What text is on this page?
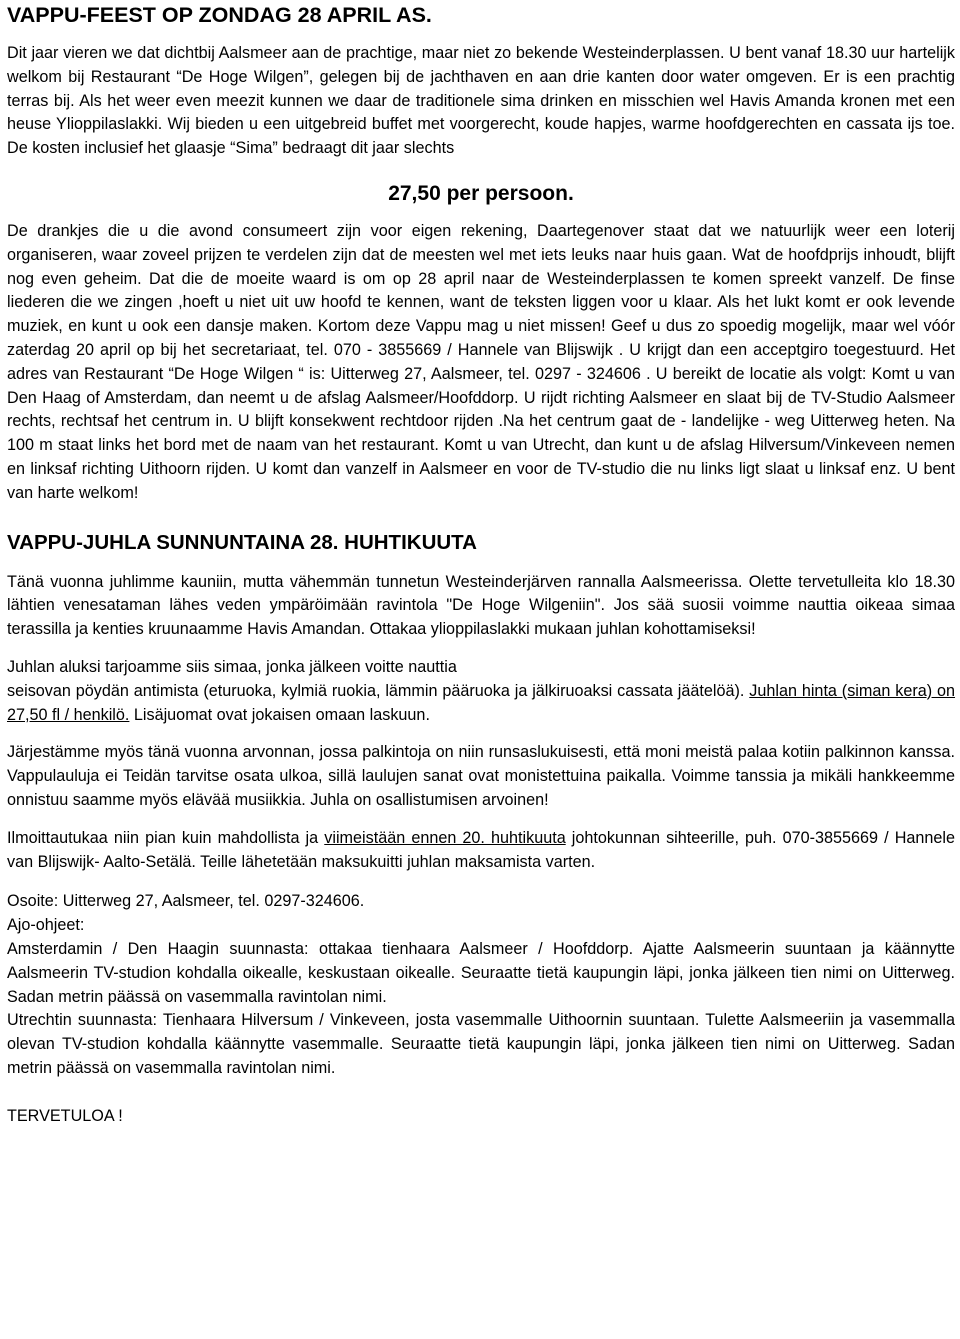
VAPPU-FEEST OP ZONDAG 28 APRIL AS.

Dit jaar vieren we dat dichtbij Aalsmeer aan de prachtige, maar niet zo bekende Westeinderplassen. U bent vanaf 18.30 uur hartelijk welkom bij Restaurant “De Hoge Wilgen”, gelegen bij de jachthaven en aan drie kanten door water omgeven. Er is een prachtig terras bij. Als het weer even meezit kunnen we daar de traditionele sima drinken en misschien wel Havis Amanda kronen met een heuse Ylioppilaslakki. Wij bieden u een uitgebreid buffet met voorgerecht, koude hapjes, warme hoofdgerechten en cassata ijs toe. De kosten inclusief het glaasje “Sima” bedraagt dit jaar slechts

27,50 per persoon.

De drankjes die u die avond consumeert zijn voor eigen rekening, Daartegenover staat dat we natuurlijk weer een loterij organiseren, waar zoveel prijzen te verdelen zijn dat de meesten wel met iets leuks naar huis gaan. Wat de hoofdprijs inhoudt, blijft nog even geheim. Dat die de moeite waard is om op 28 april naar de Westeinderplassen te komen spreekt vanzelf. De finse liederen die we zingen ,hoeft u niet uit uw hoofd te kennen, want de teksten liggen voor u klaar. Als het lukt komt er ook levende muziek, en kunt u ook een dansje maken. Kortom deze Vappu mag u niet missen! Geef u dus zo spoedig mogelijk, maar wel vóór zaterdag 20 april op bij het secretariaat, tel. 070 - 3855669 / Hannele van Blijswijk . U krijgt dan een acceptgiro toegestuurd. Het adres van Restaurant “De Hoge Wilgen “ is: Uitterweg 27, Aalsmeer, tel. 0297 - 324606 . U bereikt de locatie als volgt: Komt u van Den Haag of Amsterdam, dan neemt u de afslag Aalsmeer/Hoofddorp. U rijdt richting Aalsmeer en slaat bij de TV-Studio Aalsmeer rechts, rechtsaf het centrum in. U blijft konsekwent rechtdoor rijden .Na het centrum gaat de - landelijke - weg Uitterweg heten. Na 100 m staat links het bord met de naam van het restaurant. Komt u van Utrecht, dan kunt u de afslag Hilversum/Vinkeveen nemen en linksaf richting Uithoorn rijden. U komt dan vanzelf in Aalsmeer en voor de TV-studio die nu links ligt slaat u linksaf enz. U bent van harte welkom!

VAPPU-JUHLA SUNNUNTAINA 28. HUHTIKUUTA

Tänä vuonna juhlimme kauniin, mutta vähemmän tunnetun Westeinderjärven rannalla Aalsmeerissa. Olette tervetulleita klo 18.30 lähtien venesataman lähes veden ympäröimään ravintola "De Hoge Wilgeniin". Jos sää suosii voimme nauttia oikeaa simaa terassilla ja kenties kruunaamme Havis Amandan. Ottakaa ylioppilaslakki mukaan juhlan kohottamiseksi!

Juhlan aluksi tarjoamme siis simaa, jonka jälkeen voitte nauttia

seisovan pöydän antimista (eturuoka, kylmiä ruokia, lämmin pääruoka ja jälkiruoaksi cassata jäätelöä). Juhlan hinta (siman kera) on 27,50 fl / henkilö. Lisäjuomat ovat jokaisen omaan laskuun.

Järjestämme myös tänä vuonna arvonnan, jossa palkintoja on niin runsaslukuisesti, että moni meistä palaa kotiin palkinnon kanssa. Vappulauluja ei Teidän tarvitse osata ulkoa, sillä laulujen sanat ovat monistettuina paikalla. Voimme tanssia ja mikäli hankkeemme onnistuu saamme myös elävää musiikkia. Juhla on osallistumisen arvoinen!

Ilmoittautukaa niin pian kuin mahdollista ja viimeistään ennen 20. huhtikuuta johtokunnan sihteerille, puh. 070-3855669 / Hannele van Blijswijk- Aalto-Setälä. Teille lähetetään maksukuitti juhlan maksamista varten.

Osoite: Uitterweg 27, Aalsmeer, tel. 0297-324606.

Ajo-ohjeet:

Amsterdamin / Den Haagin suunnasta: ottakaa tienhaara Aalsmeer / Hoofddorp. Ajatte Aalsmeerin suuntaan ja käännytte Aalsmeerin TV-studion kohdalla oikealle, keskustaan oikealle. Seuraatte tietä kaupungin läpi, jonka jälkeen tien nimi on Uitterweg. Sadan metrin päässä on vasemmalla ravintolan nimi.

Utrechtin suunnasta: Tienhaara Hilversum / Vinkeveen, josta vasemmalle Uithoornin suuntaan. Tulette Aalsmeeriin ja vasemmalla olevan TV-studion kohdalla käännytte vasemmalle. Seuraatte tietä kaupungin läpi, jonka jälkeen tien nimi on Uitterweg. Sadan metrin päässä on vasemmalla ravintolan nimi.

TERVETULOA !
